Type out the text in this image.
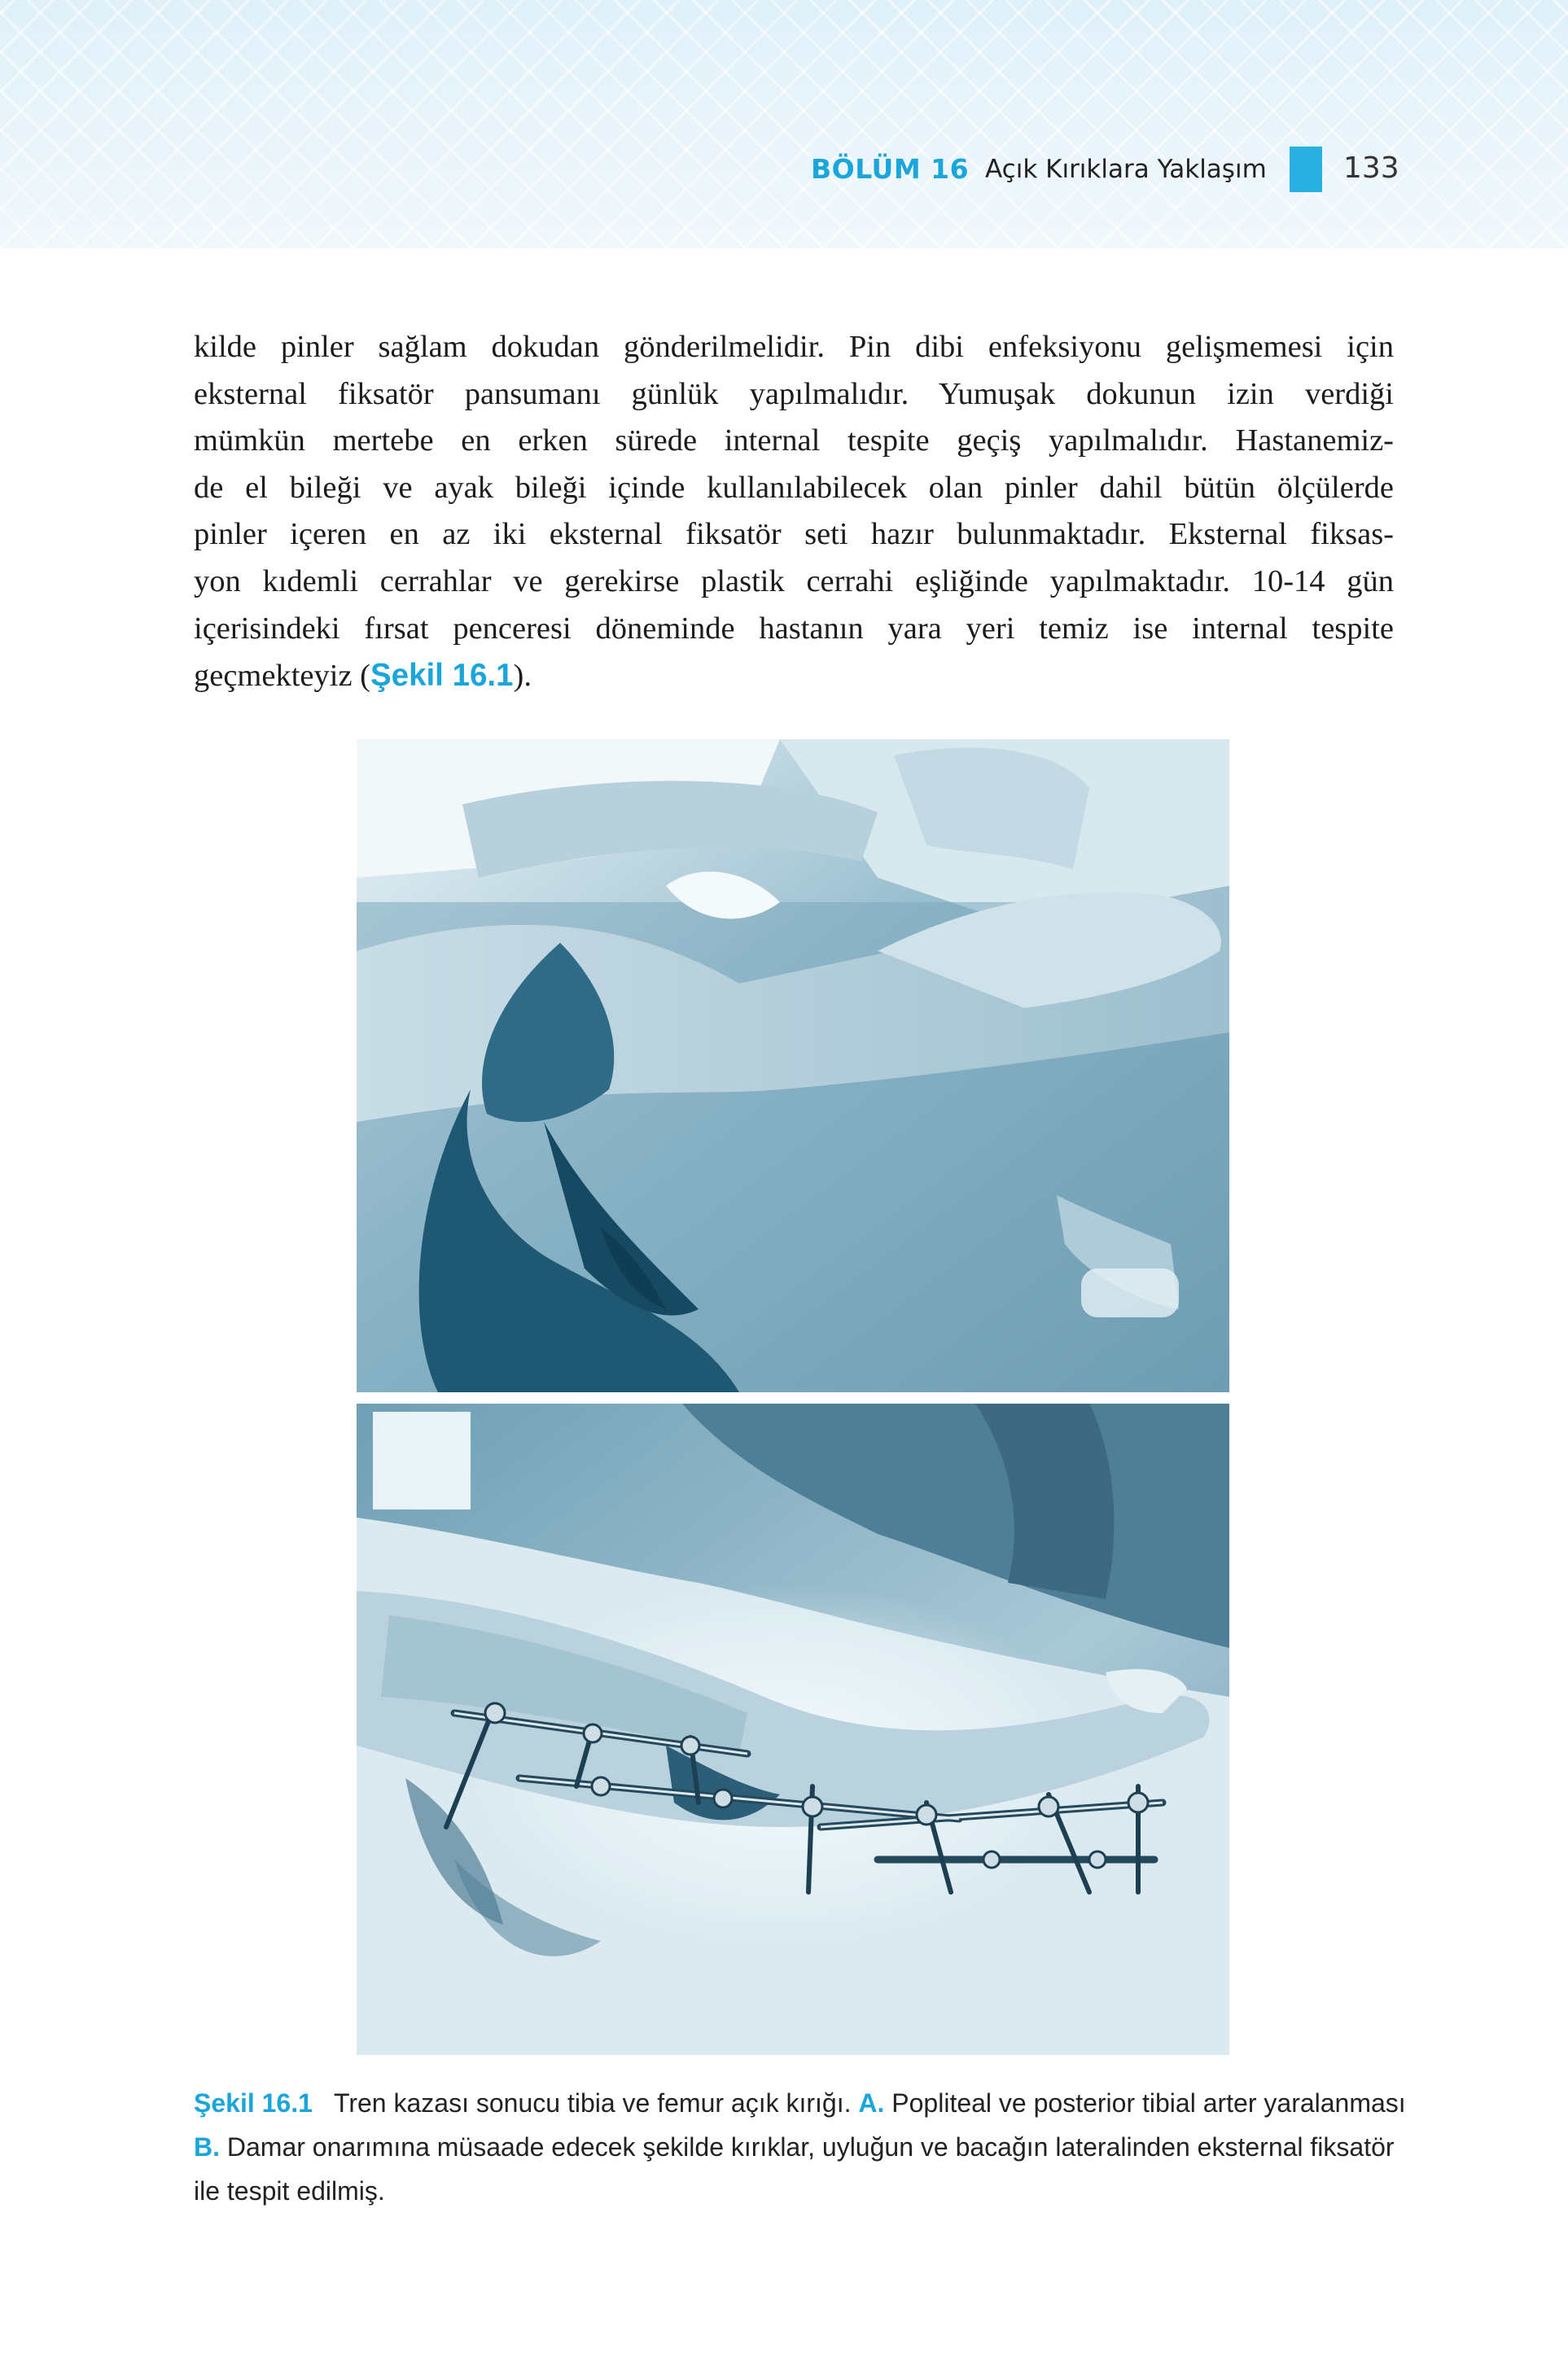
BÖLÜM 16 Açık Kırıklara Yaklaşım	133
kilde pinler sağlam dokudan gönderilmelidir. Pin dibi enfeksiyonu gelişmemesi için
eksternal fiksatör pansumanı günlük yapılmalıdır. Yumuşak dokunun izin verdiği
mümkün mertebe en erken sürede internal tespite geçiş yapılmalıdır. Hastanemiz-
de el bileği ve ayak bileği içinde kullanılabilecek olan pinler dahil bütün ölçülerde
pinler içeren en az iki eksternal fiksatör seti hazır bulunmaktadır. Eksternal fiksas-
yon kıdemli cerrahlar ve gerekirse plastik cerrahi eşliğinde yapılmaktadır. 10-14 gün
içerisindeki fırsat penceresi döneminde hastanın yara yeri temiz ise internal tespite
geçmekteyiz (Şekil 16.1).
Şekil 16.1 Tren kazası sonucu tibia ve femur açık kırığı. A. Popliteal ve posterior tibial arter yaralanması
B. Damar onarımına müsaade edecek şekilde kırıklar, uyluğun ve bacağın lateralinden eksternal fiksatör
ile tespit edilmiş.
